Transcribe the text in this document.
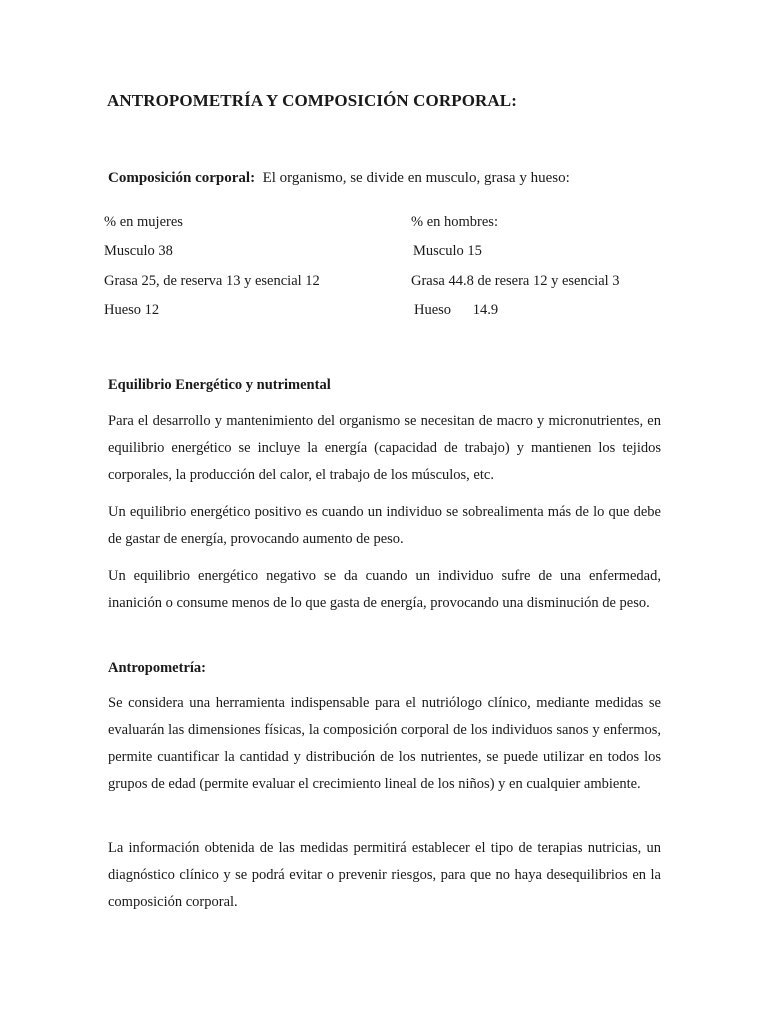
ANTROPOMETRÍA Y COMPOSICIÓN CORPORAL:
Composición corporal: El organismo, se divide en musculo, grasa y hueso:
% en mujeres
Musculo 38
Grasa 25, de reserva 13 y esencial 12
Hueso 12
% en hombres:
Musculo 15
Grasa 44.8 de resera 12 y esencial 3
Hueso      14.9
Equilibrio Energético y nutrimental
Para el desarrollo y mantenimiento del organismo se necesitan de macro y micronutrientes, en equilibrio energético se incluye la energía (capacidad de trabajo) y mantienen los tejidos corporales, la producción del calor, el trabajo de los músculos, etc.
Un equilibrio energético positivo es cuando un individuo se sobrealimenta más de lo que debe de gastar de energía, provocando aumento de peso.
Un equilibrio energético negativo se da cuando un individuo sufre de una enfermedad, inanición o consume menos de lo que gasta de energía, provocando una disminución de peso.
Antropometría:
Se considera una herramienta indispensable para el nutriólogo clínico, mediante medidas se evaluarán las dimensiones físicas, la composición corporal de los individuos sanos y enfermos, permite cuantificar la cantidad y distribución de los nutrientes, se puede utilizar en todos los grupos de edad (permite evaluar el crecimiento lineal de los niños) y en cualquier ambiente.
La información obtenida de las medidas permitirá establecer el tipo de terapias nutricias, un diagnóstico clínico y se podrá evitar o prevenir riesgos, para que no haya desequilibrios en la composición corporal.
